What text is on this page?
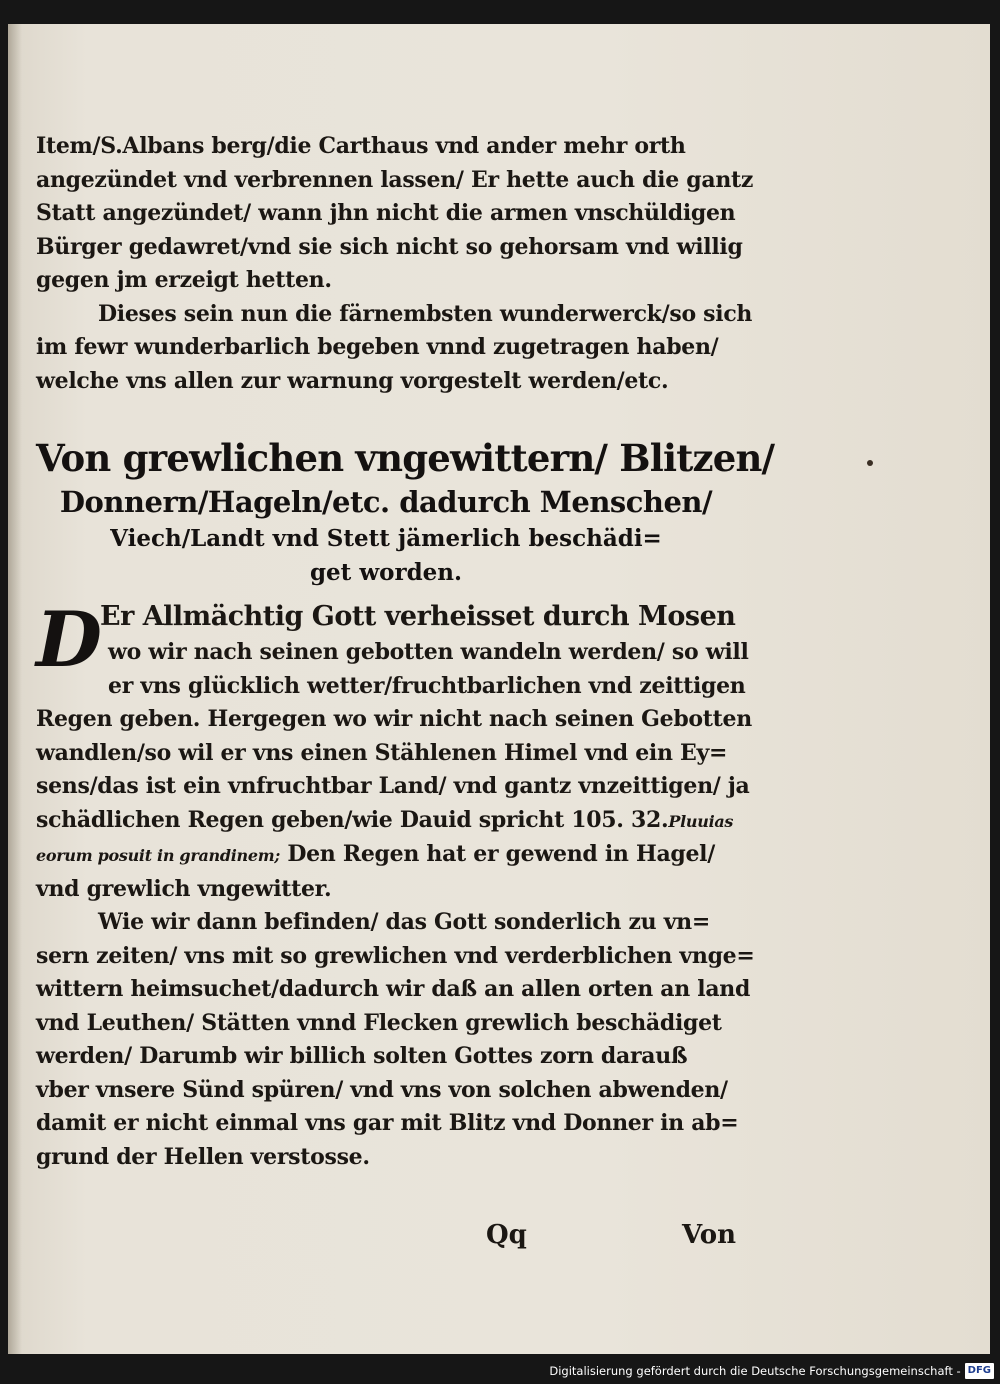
Item/S.Albans berg/die Carthaus vnd ander mehr orth
angezündet vnd verbrennen lassen/ Er hette auch die gantz
Statt angezündet/ wann jhn nicht die armen vnschüldigen
Bürger gedawret/vnd sie sich nicht so gehorsam vnd willig
gegen jm erzeigt hetten.
Dieses sein nun die färnembsten wunderwerck/so sich
im fewr wunderbarlich begeben vnnd zugetragen haben/
welche vns allen zur warnung vorgestelt werden/etc.
Von grewlichen vngewittern/ Blitzen/
Donnern/Hageln/etc. dadurch Menschen/
Viech/Landt vnd Stett jämerlich beschädi=
get worden.
D
Er Allmächtig Gott verheisset durch Mosen
wo wir nach seinen gebotten wandeln werden/ so will
er vns glücklich wetter/fruchtbarlichen vnd zeittigen
Regen geben. Hergegen wo wir nicht nach seinen Gebotten
wandlen/so wil er vns einen Stählenen Himel vnd ein Ey=
sens/das ist ein vnfruchtbar Land/ vnd gantz vnzeittigen/ ja
schädlichen Regen geben/wie Dauid spricht 105. 32.Pluuias
eorum posuit in grandinem; Den Regen hat er gewend in Hagel/
vnd grewlich vngewitter.
Wie wir dann befinden/ das Gott sonderlich zu vn=
sern zeiten/ vns mit so grewlichen vnd verderblichen vnge=
wittern heimsuchet/dadurch wir daß an allen orten an land
vnd Leuthen/ Stätten vnnd Flecken grewlich beschädiget
werden/ Darumb wir billich solten Gottes zorn darauß
vber vnsere Sünd spüren/ vnd vns von solchen abwenden/
damit er nicht einmal vns gar mit Blitz vnd Donner in ab=
grund der Hellen verstosse.
Qq	Von
Digitalisierung gefördert durch die Deutsche Forschungsgemeinschaft - DFG
